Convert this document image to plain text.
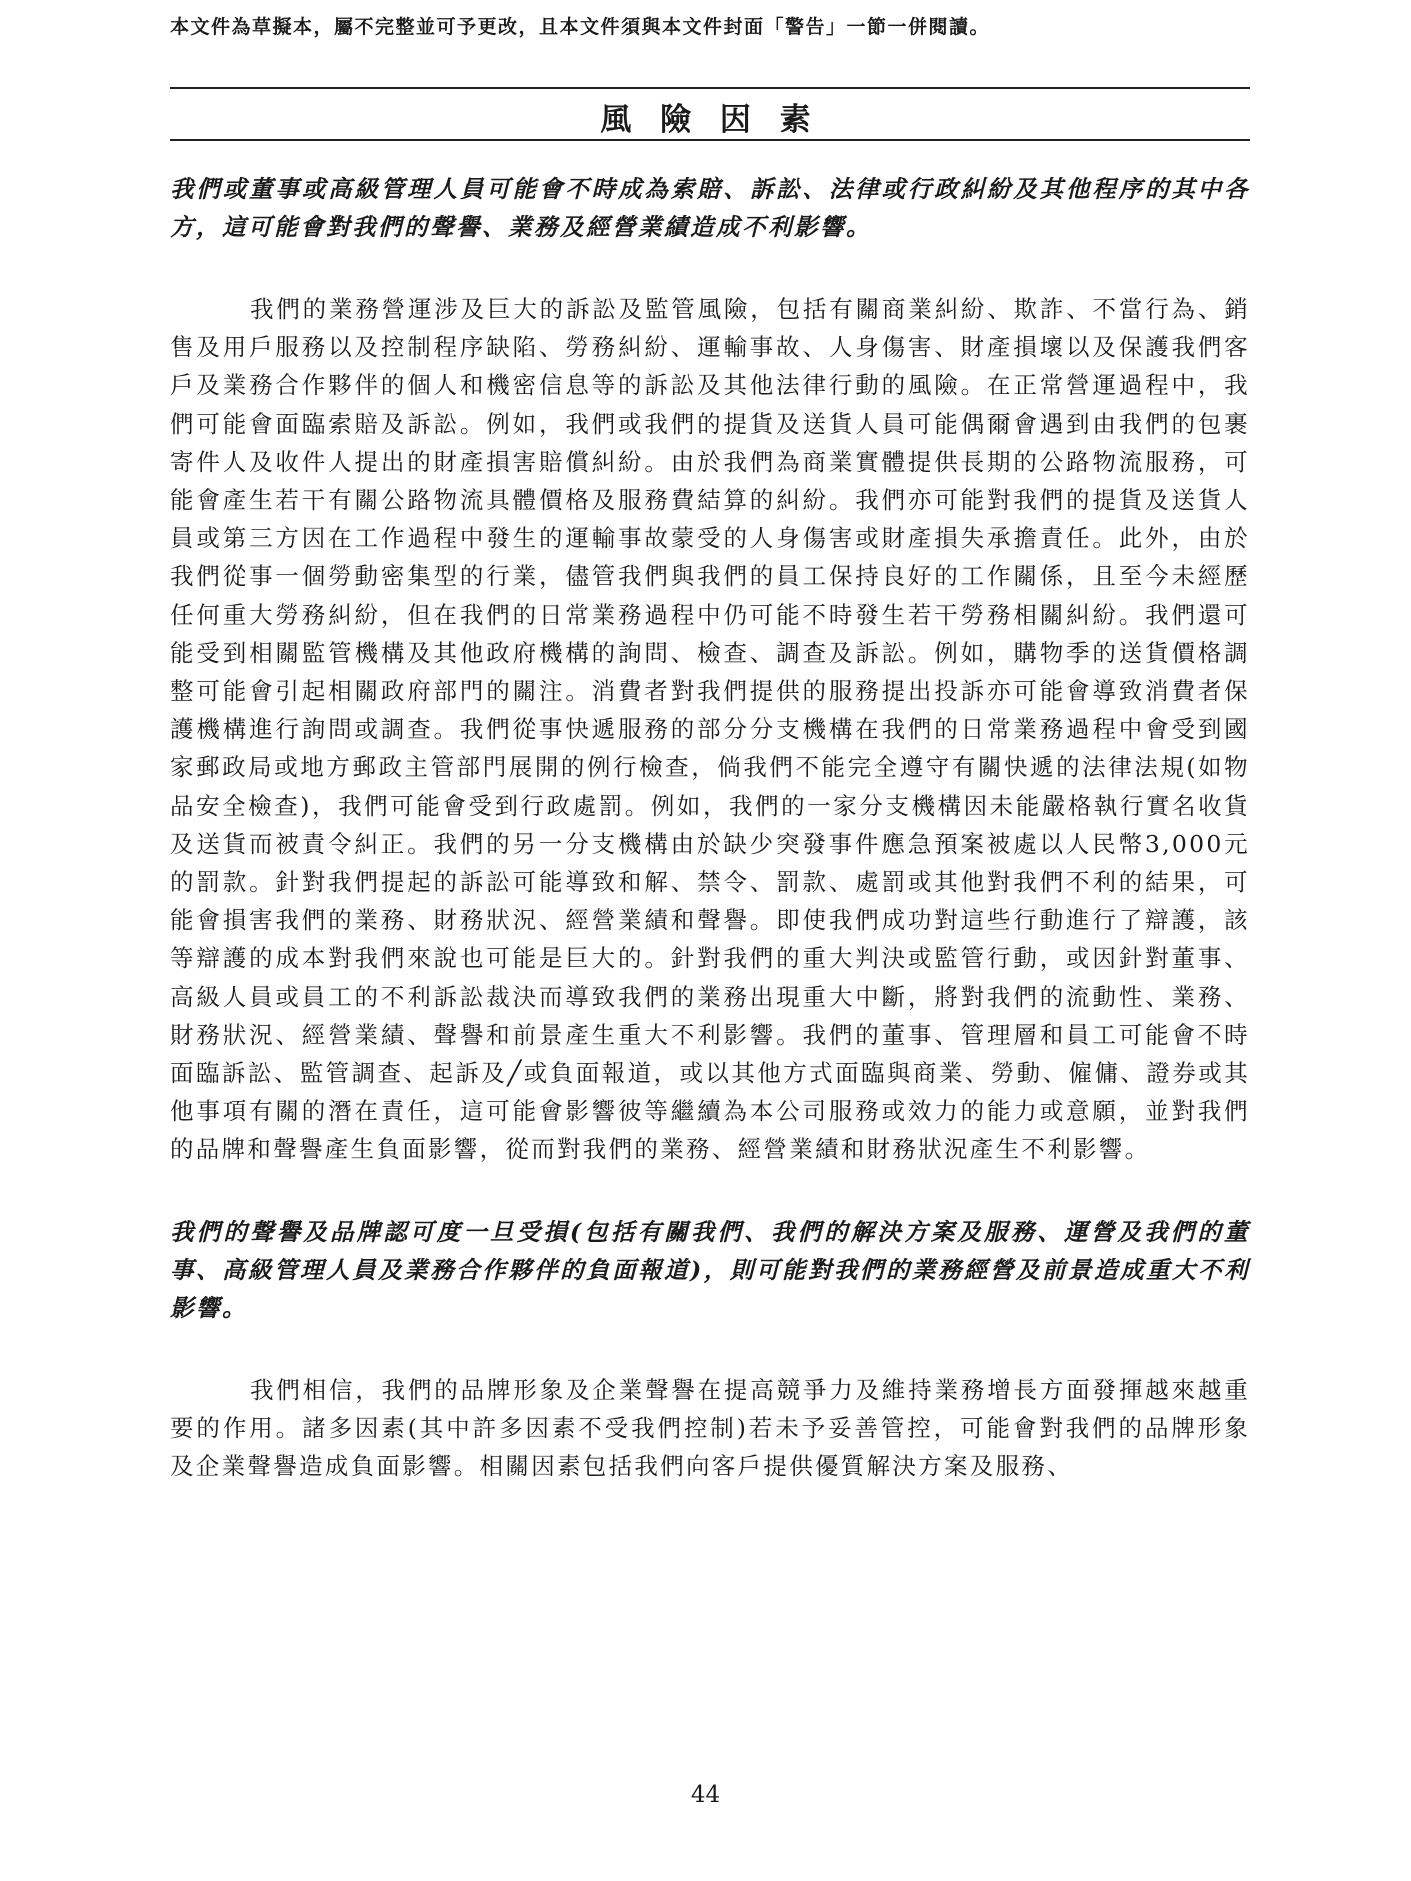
本文件為草擬本，屬不完整並可予更改，且本文件須與本文件封面「警告」一節一併閱讀。
風 險 因 素

我們或董事或高級管理人員可能會不時成為索賠、訴訟、法律或行政糾紛及其他程序的其中各方，這可能會對我們的聲譽、業務及經營業績造成不利影響。

我們的業務營運涉及巨大的訴訟及監管風險，包括有關商業糾紛、欺詐、不當行為、銷售及用戶服務以及控制程序缺陷、勞務糾紛、運輸事故、人身傷害、財產損壞以及保護我們客戶及業務合作夥伴的個人和機密信息等的訴訟及其他法律行動的風險。在正常營運過程中，我們可能會面臨索賠及訴訟。例如，我們或我們的提貨及送貨人員可能偶爾會遇到由我們的包裹寄件人及收件人提出的財產損害賠償糾紛。由於我們為商業實體提供長期的公路物流服務，可能會產生若干有關公路物流具體價格及服務費結算的糾紛。我們亦可能對我們的提貨及送貨人員或第三方因在工作過程中發生的運輸事故蒙受的人身傷害或財產損失承擔責任。此外，由於我們從事一個勞動密集型的行業，儘管我們與我們的員工保持良好的工作關係，且至今未經歷任何重大勞務糾紛，但在我們的日常業務過程中仍可能不時發生若干勞務相關糾紛。我們還可能受到相關監管機構及其他政府機構的詢問、檢查、調查及訴訟。例如，購物季的送貨價格調整可能會引起相關政府部門的關注。消費者對我們提供的服務提出投訴亦可能會導致消費者保護機構進行詢問或調查。我們從事快遞服務的部分分支機構在我們的日常業務過程中會受到國家郵政局或地方郵政主管部門展開的例行檢查，倘我們不能完全遵守有關快遞的法律法規(如物品安全檢查)，我們可能會受到行政處罰。例如，我們的一家分支機構因未能嚴格執行實名收貨及送貨而被責令糾正。我們的另一分支機構由於缺少突發事件應急預案被處以人民幣3,000元的罰款。針對我們提起的訴訟可能導致和解、禁令、罰款、處罰或其他對我們不利的結果，可能會損害我們的業務、財務狀況、經營業績和聲譽。即使我們成功對這些行動進行了辯護，該等辯護的成本對我們來說也可能是巨大的。針對我們的重大判決或監管行動，或因針對董事、高級人員或員工的不利訴訟裁決而導致我們的業務出現重大中斷，將對我們的流動性、業務、財務狀況、經營業績、聲譽和前景產生重大不利影響。我們的董事、管理層和員工可能會不時面臨訴訟、監管調查、起訴及╱或負面報道，或以其他方式面臨與商業、勞動、僱傭、證券或其他事項有關的潛在責任，這可能會影響彼等繼續為本公司服務或效力的能力或意願，並對我們的品牌和聲譽產生負面影響，從而對我們的業務、經營業績和財務狀況產生不利影響。

我們的聲譽及品牌認可度一旦受損(包括有關我們、我們的解決方案及服務、運營及我們的董事、高級管理人員及業務合作夥伴的負面報道)，則可能對我們的業務經營及前景造成重大不利影響。

我們相信，我們的品牌形象及企業聲譽在提高競爭力及維持業務增長方面發揮越來越重要的作用。諸多因素(其中許多因素不受我們控制)若未予妥善管控，可能會對我們的品牌形象及企業聲譽造成負面影響。相關因素包括我們向客戶提供優質解決方案及服務、

44
